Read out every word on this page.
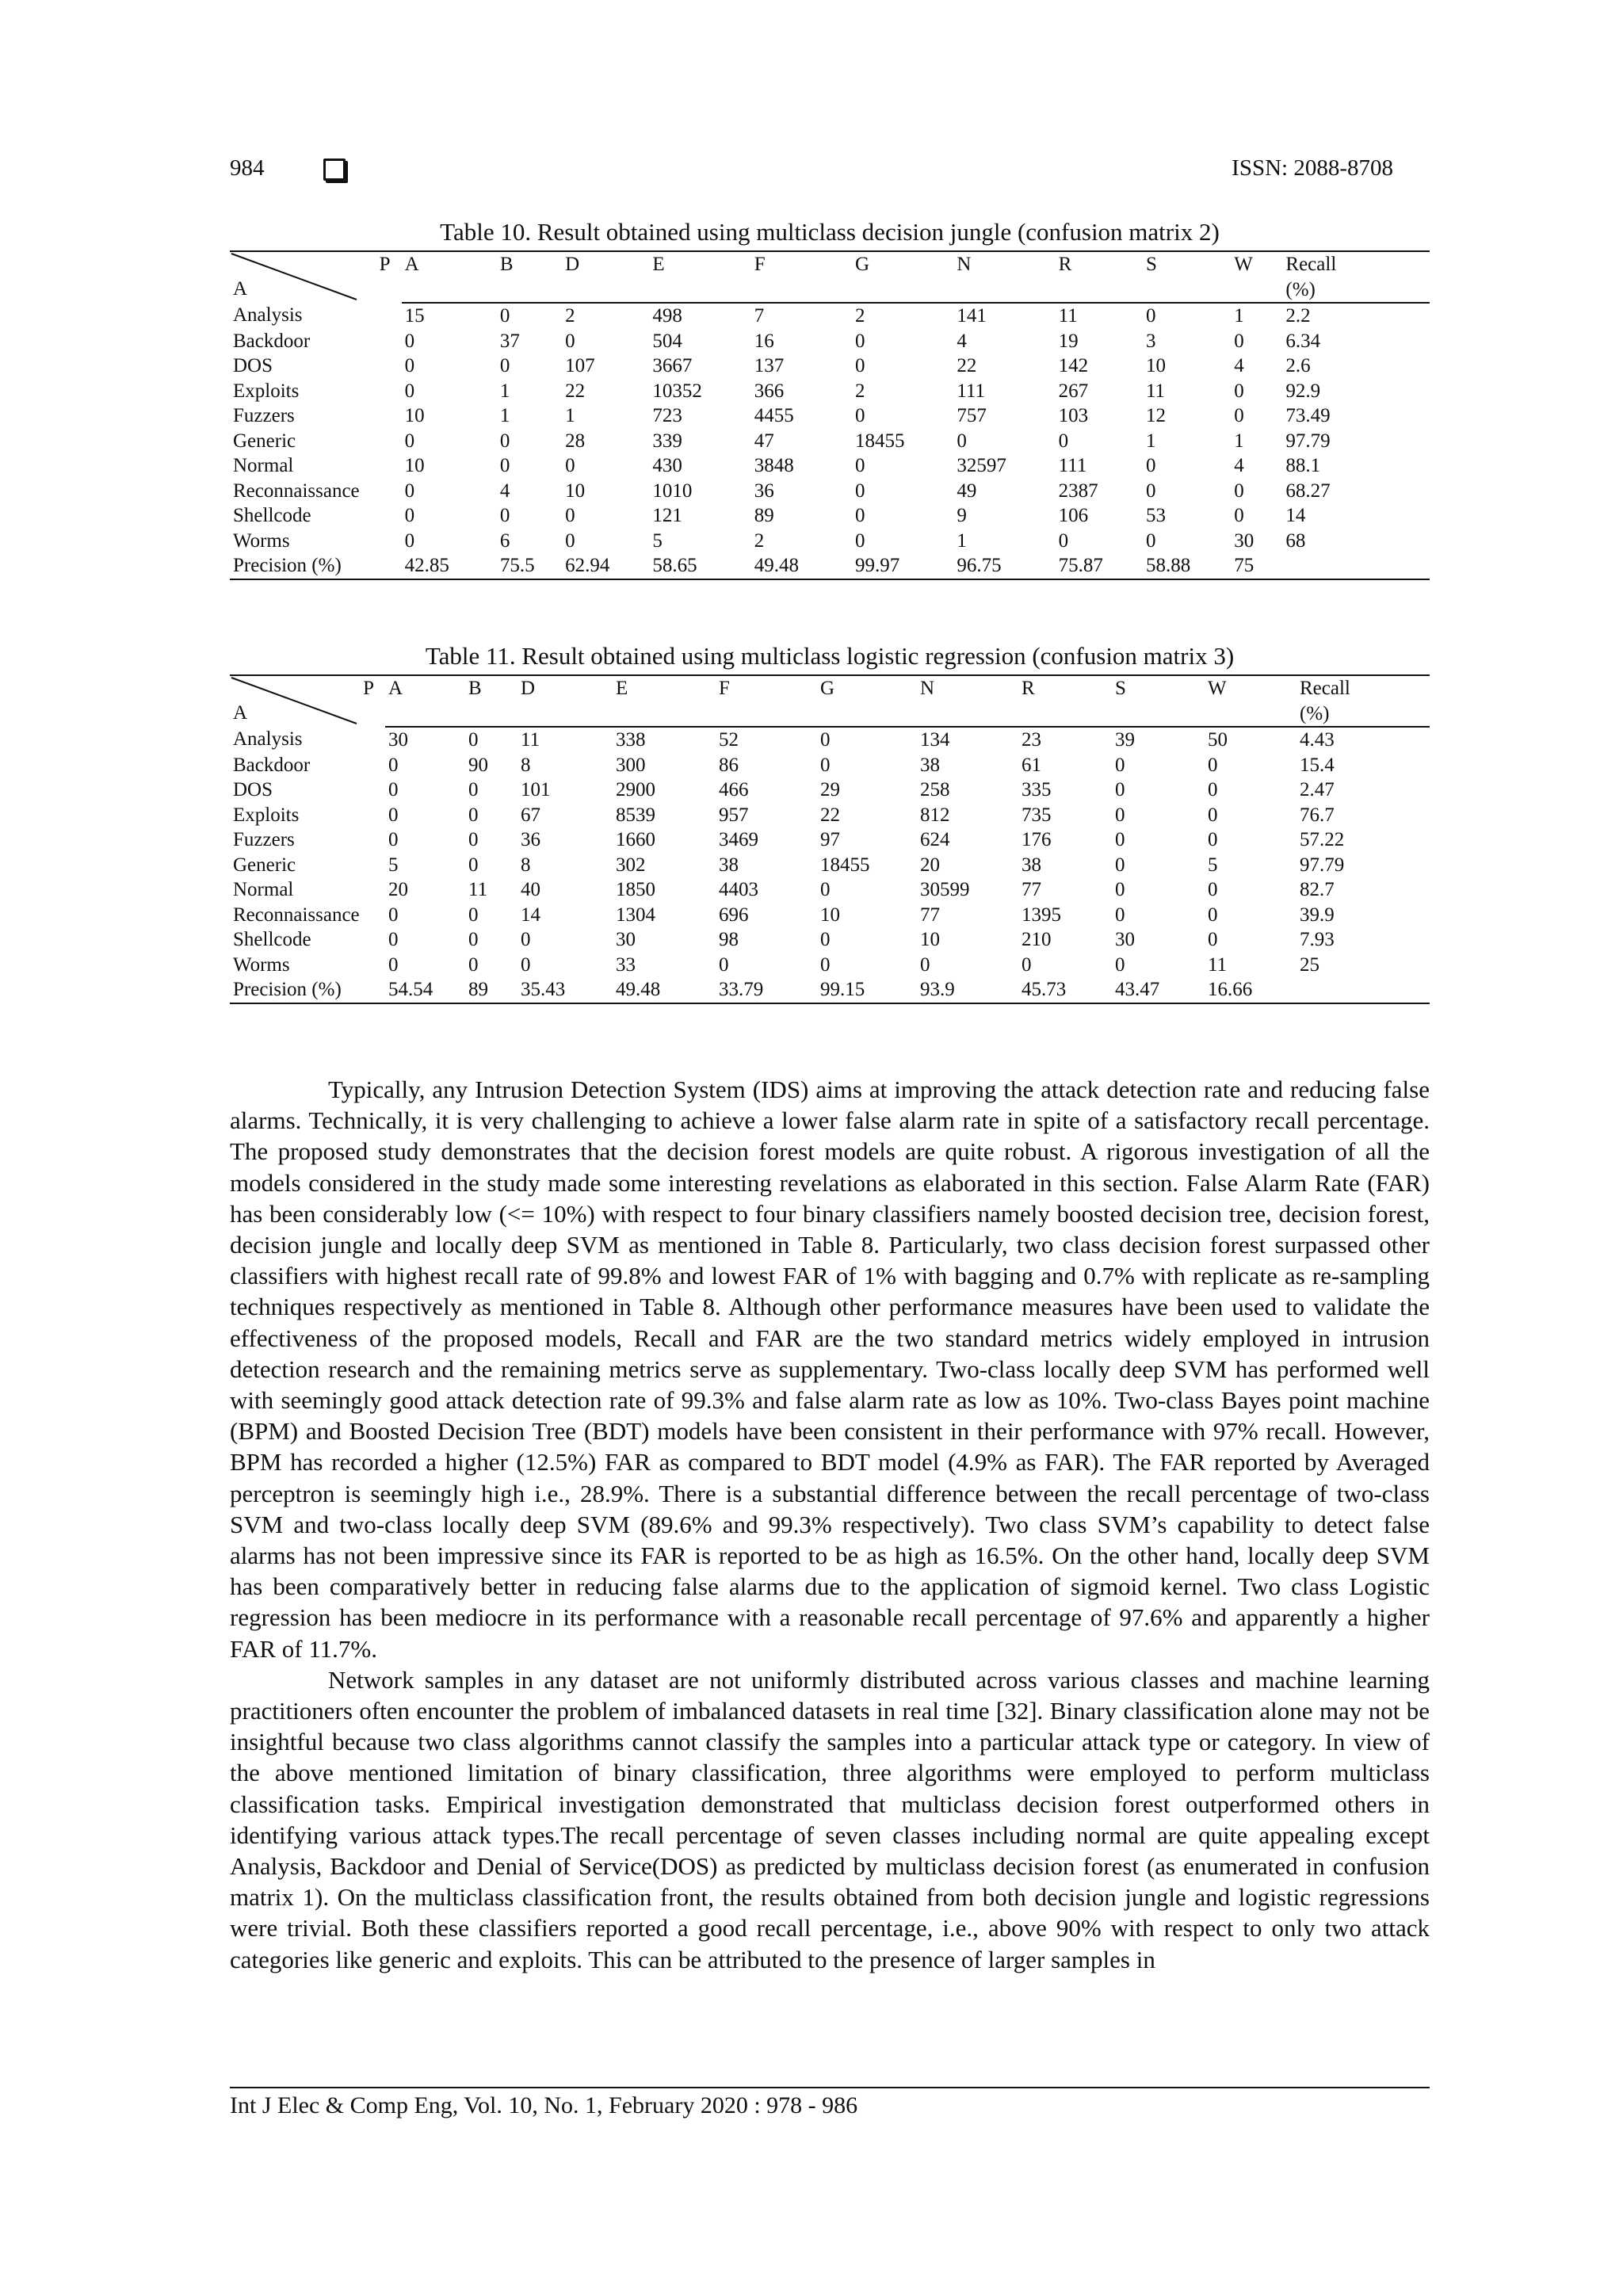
984	ISSN: 2088-8708
Table 10. Result obtained using multiclass decision jungle (confusion matrix 2)
P
A	A	B	D	E	F	G	N	R	S	W	Recall
											(%)
Analysis	15	0	2	498	7	2	141	11	0	1	2.2
Backdoor	0	37	0	504	16	0	4	19	3	0	6.34
DOS	0	0	107	3667	137	0	22	142	10	4	2.6
Exploits	0	1	22	10352	366	2	111	267	11	0	92.9
Fuzzers	10	1	1	723	4455	0	757	103	12	0	73.49
Generic	0	0	28	339	47	18455	0	0	1	1	97.79
Normal	10	0	0	430	3848	0	32597	111	0	4	88.1
Reconnaissance	0	4	10	1010	36	0	49	2387	0	0	68.27
Shellcode	0	0	0	121	89	0	9	106	53	0	14
Worms	0	6	0	5	2	0	1	0	0	30	68
Precision (%)	42.85	75.5	62.94	58.65	49.48	99.97	96.75	75.87	58.88	75	
Table 11. Result obtained using multiclass logistic regression (confusion matrix 3)
P
A	A	B	D	E	F	G	N	R	S	W	Recall
											(%)
Analysis	30	0	11	338	52	0	134	23	39	50	4.43
Backdoor	0	90	8	300	86	0	38	61	0	0	15.4
DOS	0	0	101	2900	466	29	258	335	0	0	2.47
Exploits	0	0	67	8539	957	22	812	735	0	0	76.7
Fuzzers	0	0	36	1660	3469	97	624	176	0	0	57.22
Generic	5	0	8	302	38	18455	20	38	0	5	97.79
Normal	20	11	40	1850	4403	0	30599	77	0	0	82.7
Reconnaissance	0	0	14	1304	696	10	77	1395	0	0	39.9
Shellcode	0	0	0	30	98	0	10	210	30	0	7.93
Worms	0	0	0	33	0	0	0	0	0	11	25
Precision (%)	54.54	89	35.43	49.48	33.79	99.15	93.9	45.73	43.47	16.66	

Typically, any Intrusion Detection System (IDS) aims at improving the attack detection rate and reducing false alarms. Technically, it is very challenging to achieve a lower false alarm rate in spite of a satisfactory recall percentage. The proposed study demonstrates that the decision forest models are quite robust. A rigorous investigation of all the models considered in the study made some interesting revelations as elaborated in this section. False Alarm Rate (FAR) has been considerably low (<= 10%) with respect to four binary classifiers namely boosted decision tree, decision forest, decision jungle and locally deep SVM as mentioned in Table 8. Particularly, two class decision forest surpassed other classifiers with highest recall rate of 99.8% and lowest FAR of 1% with bagging and 0.7% with replicate as re-sampling techniques respectively as mentioned in Table 8. Although other performance measures have been used to validate the effectiveness of the proposed models, Recall and FAR are the two standard metrics widely employed in intrusion detection research and the remaining metrics serve as supplementary. Two-class locally deep SVM has performed well with seemingly good attack detection rate of 99.3% and false alarm rate as low as 10%. Two-class Bayes point machine (BPM) and Boosted Decision Tree (BDT) models have been consistent in their performance with 97% recall. However, BPM has recorded a higher (12.5%) FAR as compared to BDT model (4.9% as FAR). The FAR reported by Averaged perceptron is seemingly high i.e., 28.9%. There is a substantial difference between the recall percentage of two-class SVM and two-class locally deep SVM (89.6% and 99.3% respectively). Two class SVM’s capability to detect false alarms has not been impressive since its FAR is reported to be as high as 16.5%. On the other hand, locally deep SVM has been comparatively better in reducing false alarms due to the application of sigmoid kernel. Two class Logistic regression has been mediocre in its performance with a reasonable recall percentage of 97.6% and apparently a higher FAR of 11.7%.

Network samples in any dataset are not uniformly distributed across various classes and machine learning practitioners often encounter the problem of imbalanced datasets in real time [32]. Binary classification alone may not be insightful because two class algorithms cannot classify the samples into a particular attack type or category. In view of the above mentioned limitation of binary classification, three algorithms were employed to perform multiclass classification tasks. Empirical investigation demonstrated that multiclass decision forest outperformed others in identifying various attack types.The recall percentage of seven classes including normal are quite appealing except Analysis, Backdoor and Denial of Service(DOS) as predicted by multiclass decision forest (as enumerated in confusion matrix 1). On the multiclass classification front, the results obtained from both decision jungle and logistic regressions were trivial. Both these classifiers reported a good recall percentage, i.e., above 90% with respect to only two attack categories like generic and exploits. This can be attributed to the presence of larger samples in

Int J Elec & Comp Eng, Vol. 10, No. 1, February 2020 : 978 - 986
